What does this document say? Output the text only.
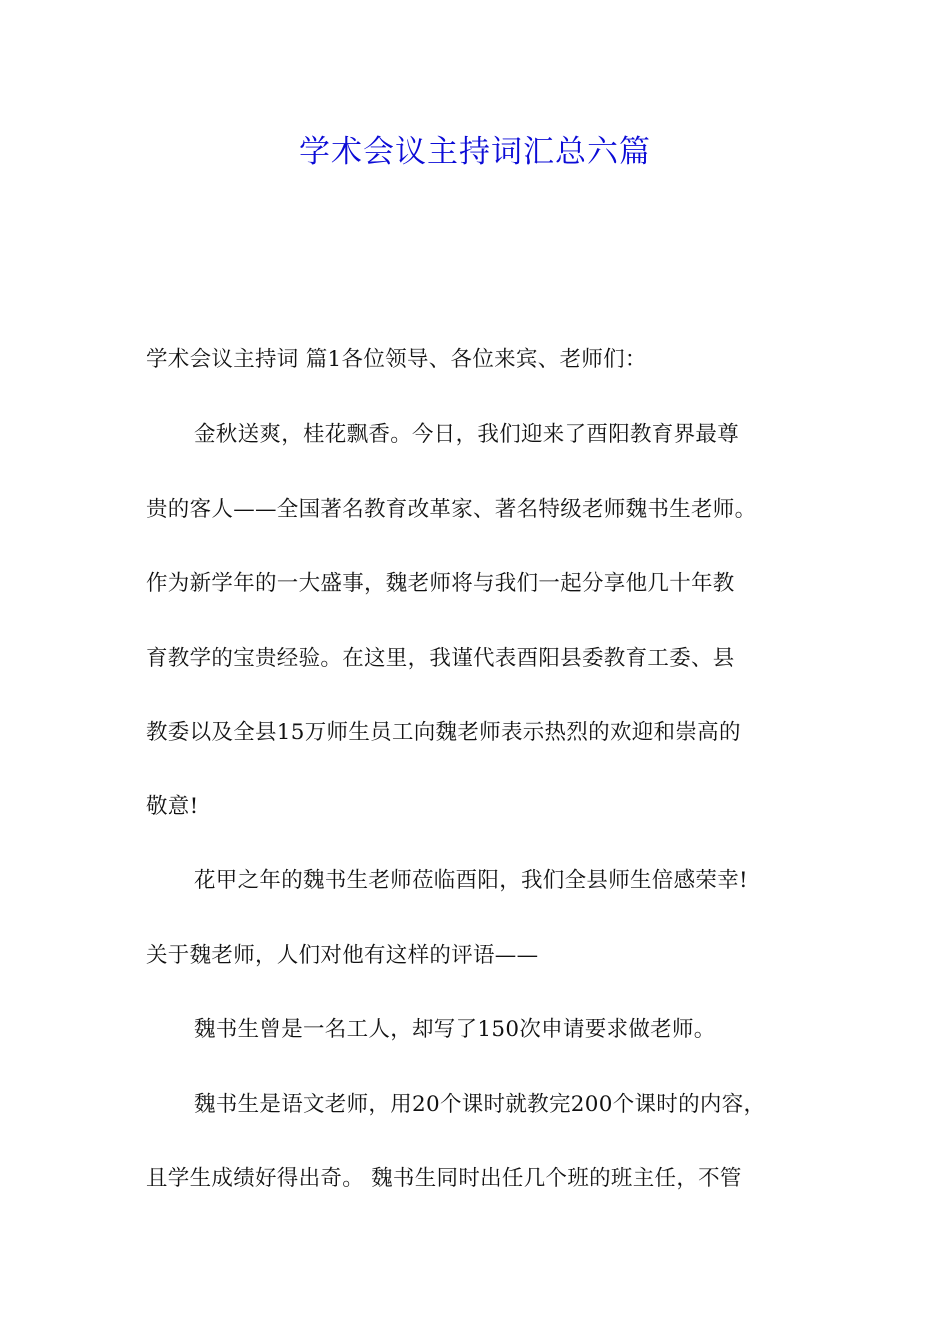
学术会议主持词汇总六篇
学术会议主持词 篇1各位领导、各位来宾、老师们：
金秋送爽，桂花飘香。今日，我们迎来了酉阳教育界最尊
贵的客人——全国著名教育改革家、著名特级老师魏书生老师。
作为新学年的一大盛事，魏老师将与我们一起分享他几十年教
育教学的宝贵经验。在这里，我谨代表酉阳县委教育工委、县
教委以及全县15万师生员工向魏老师表示热烈的欢迎和崇高的
敬意!
花甲之年的魏书生老师莅临酉阳，我们全县师生倍感荣幸!
关于魏老师，人们对他有这样的评语——
魏书生曾是一名工人，却写了150次申请要求做老师。
魏书生是语文老师，用20个课时就教完200个课时的内容，
且学生成绩好得出奇。 魏书生同时出任几个班的班主任，不管
